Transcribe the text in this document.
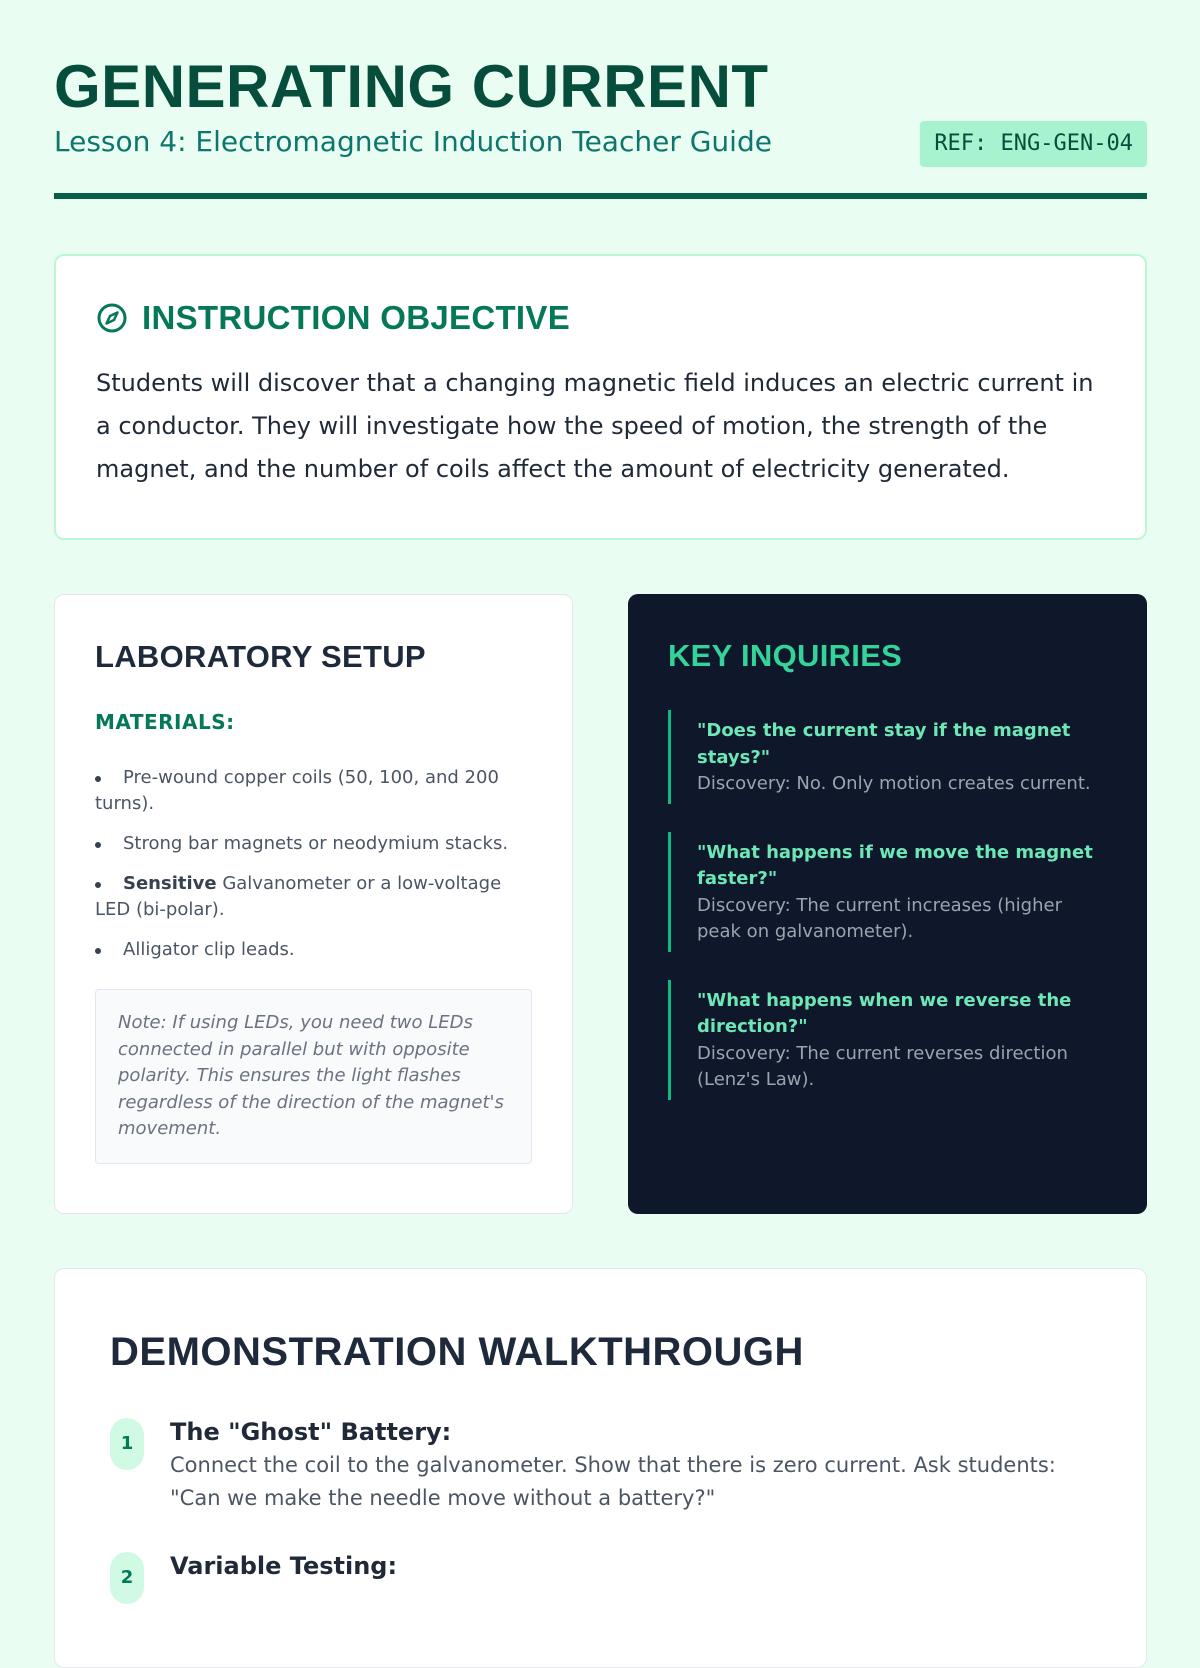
GENERATING CURRENT
Lesson 4: Electromagnetic Induction Teacher Guide	REF: ENG-GEN-04
INSTRUCTION OBJECTIVE

Students will discover that a changing magnetic field induces an electric current in a conductor. They will investigate how the speed of motion, the strength of the magnet, and the number of coils affect the amount of electricity generated.

LABORATORY SETUP
MATERIALS:
Pre-wound copper coils (50, 100, and 200 turns).
Strong bar magnets or neodymium stacks.
Sensitive Galvanometer or a low-voltage LED (bi-polar).
Alligator clip leads.
Note: If using LEDs, you need two LEDs connected in parallel but with opposite polarity. This ensures the light flashes regardless of the direction of the magnet's movement.
KEY INQUIRIES
"Does the current stay if the magnet stays?"
Discovery: No. Only motion creates current.
"What happens if we move the magnet faster?"
Discovery: The current increases (higher peak on galvanometer).
"What happens when we reverse the direction?"
Discovery: The current reverses direction (Lenz's Law).
DEMONSTRATION WALKTHROUGH
1	The "Ghost" Battery:
Connect the coil to the galvanometer. Show that there is zero current. Ask students: "Can we make the needle move without a battery?"
2	Variable Testing:
